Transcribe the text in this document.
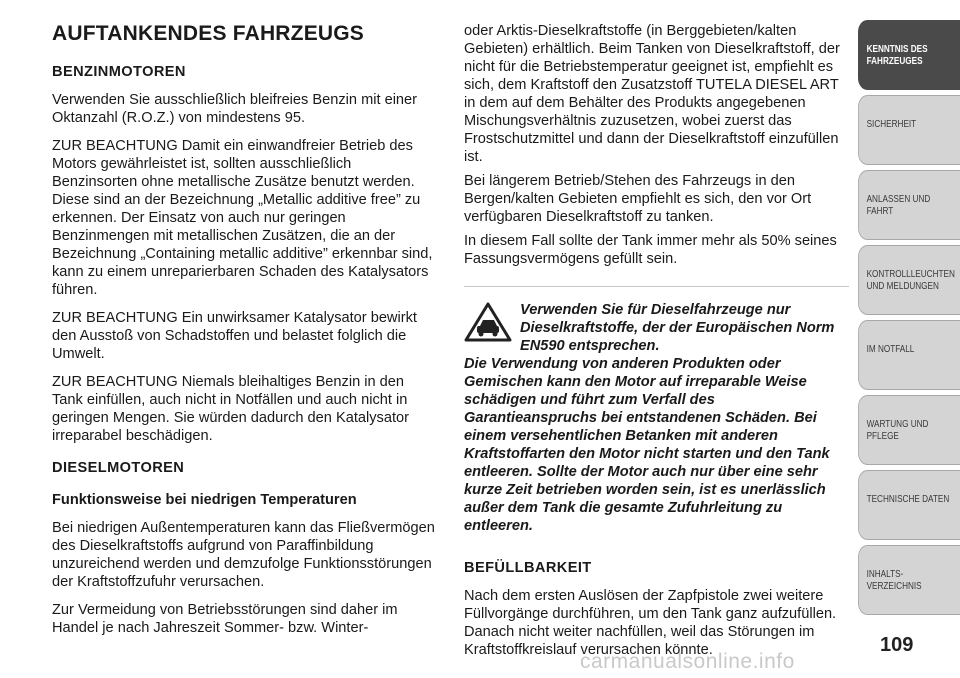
AUFTANKENDES FAHRZEUGS
BENZINMOTOREN

Verwenden Sie ausschließlich bleifreies Benzin mit einer Oktanzahl (R.O.Z.) von mindestens 95.

ZUR BEACHTUNG Damit ein einwandfreier Betrieb des Motors gewährleistet ist, sollten ausschließlich Benzinsorten ohne metallische Zusätze benutzt werden. Diese sind an der Bezeichnung „Metallic additive free” zu erkennen. Der Einsatz von auch nur geringen Benzinmengen mit metallischen Zusätzen, die an der Bezeichnung „Containing metallic additive” erkennbar sind, kann zu einem unreparierbaren Schaden des Katalysators führen.

ZUR BEACHTUNG Ein unwirksamer Katalysator bewirkt den Ausstoß von Schadstoffen und belastet folglich die Umwelt.

ZUR BEACHTUNG Niemals bleihaltiges Benzin in den Tank einfüllen, auch nicht in Notfällen und auch nicht in geringen Mengen. Sie würden dadurch den Katalysator irreparabel beschädigen.

DIESELMOTOREN
Funktionsweise bei niedrigen Temperaturen

Bei niedrigen Außentemperaturen kann das Fließvermögen des Dieselkraftstoffs aufgrund von Paraffinbildung unzureichend werden und demzufolge Funktionsstörungen der Kraftstoffzufuhr verursachen.

Zur Vermeidung von Betriebsstörungen sind daher im Handel je nach Jahreszeit Sommer- bzw. Winter-

oder Arktis-Dieselkraftstoffe (in Berggebieten/kalten Gebieten) erhältlich. Beim Tanken von Dieselkraftstoff, der nicht für die Betriebstemperatur geeignet ist, empfiehlt es sich, dem Kraftstoff den Zusatzstoff TUTELA DIESEL ART in dem auf dem Behälter des Produkts angegebenen Mischungsverhältnis zuzusetzen, wobei zuerst das Frostschutzmittel und dann der Dieselkraftstoff einzufüllen ist.

Bei längerem Betrieb/Stehen des Fahrzeugs in den Bergen/kalten Gebieten empfiehlt es sich, den vor Ort verfügbaren Dieselkraftstoff zu tanken.

In diesem Fall sollte der Tank immer mehr als 50% seines Fassungsvermögens gefüllt sein.

Verwenden Sie für Dieselfahrzeuge nur Dieselkraftstoffe, der der Europäischen Norm EN590 entsprechen.

Die Verwendung von anderen Produkten oder Gemischen kann den Motor auf irreparable Weise schädigen und führt zum Verfall des Garantieanspruchs bei entstandenen Schäden. Bei einem versehentlichen Betanken mit anderen Kraftstoffarten den Motor nicht starten und den Tank entleeren. Sollte der Motor auch nur über eine sehr kurze Zeit betrieben worden sein, ist es unerlässlich außer dem Tank die gesamte Zufuhrleitung zu entleeren.

BEFÜLLBARKEIT

Nach dem ersten Auslösen der Zapfpistole zwei weitere Füllvorgänge durchführen, um den Tank ganz aufzufüllen. Danach nicht weiter nachfüllen, weil das Störungen im Kraftstoffkreislauf verursachen könnte.

KENNTNIS DES
FAHRZEUGES
SICHERHEIT
ANLASSEN UND
FAHRT
KONTROLLLEUCHTEN
UND MELDUNGEN
IM NOTFALL
WARTUNG UND
PFLEGE
TECHNISCHE DATEN
INHALTS-
VERZEICHNIS
109
carmanualsonline.info
